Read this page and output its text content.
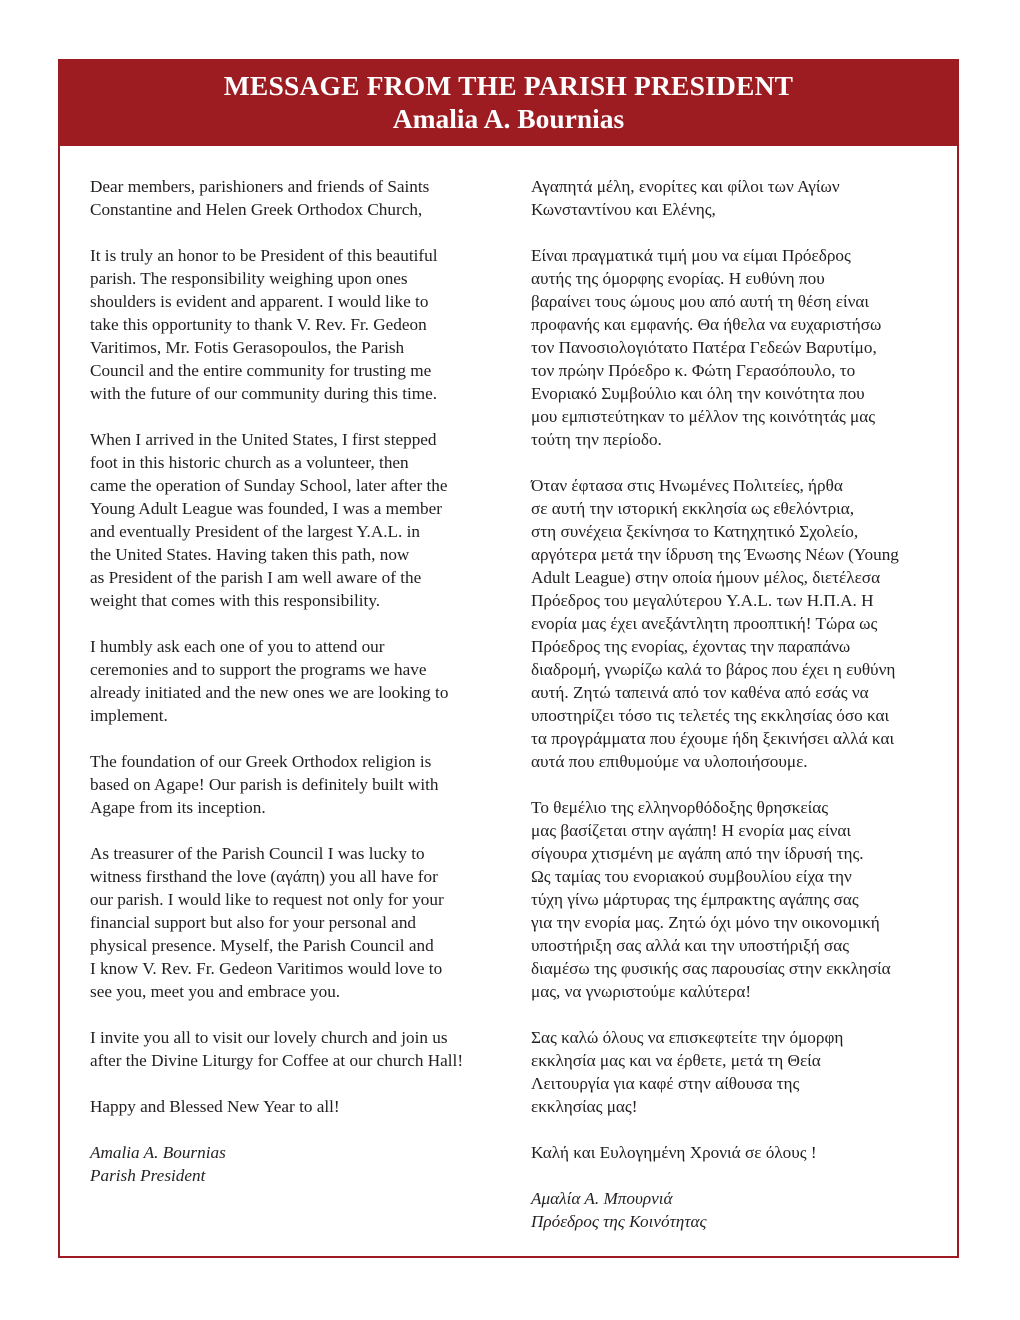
MESSAGE FROM THE PARISH PRESIDENT
Amalia A. Bournias

Dear members, parishioners and friends of Saints
Constantine and Helen Greek Orthodox Church,

It is truly an honor to be President of this beautiful
parish. The responsibility weighing upon ones
shoulders is evident and apparent. I would like to
take this opportunity to thank V. Rev. Fr. Gedeon
Varitimos, Mr. Fotis Gerasopoulos, the Parish
Council and the entire community for trusting me
with the future of our community during this time.

When I arrived in the United States, I first stepped
foot in this historic church as a volunteer, then
came the operation of Sunday School, later after the
Young Adult League was founded, I was a member
and eventually President of the largest Y.A.L. in
the United States. Having taken this path, now
as President of the parish I am well aware of the
weight that comes with this responsibility.

I humbly ask each one of you to attend our
ceremonies and to support the programs we have
already initiated and the new ones we are looking to
implement.

The foundation of our Greek Orthodox religion is
based on Agape! Our parish is definitely built with
Agape from its inception.

As treasurer of the Parish Council I was lucky to
witness firsthand the love (αγάπη) you all have for
our parish. I would like to request not only for your
financial support but also for your personal and
physical presence. Myself, the Parish Council and
I know V. Rev. Fr. Gedeon Varitimos would love to
see you, meet you and embrace you.

I invite you all to visit our lovely church and join us
after the Divine Liturgy for Coffee at our church Hall!

Happy and Blessed New Year to all!

Amalia A. Bournias
Parish President

Αγαπητά μέλη, ενορίτες και φίλοι των Αγίων
Κωνσταντίνου και Ελένης,

Είναι πραγματικά τιμή μου να είμαι Πρόεδρος
αυτής της όμορφης ενορίας. Η ευθύνη που
βαραίνει τους ώμους μου από αυτή τη θέση είναι
προφανής και εμφανής. Θα ήθελα να ευχαριστήσω
τον Πανοσιολογιότατο Πατέρα Γεδεών Βαρυτίμο,
τον πρώην Πρόεδρο κ. Φώτη Γερασόπουλο, το
Ενοριακό Συμβούλιο και όλη την κοινότητα που
μου εμπιστεύτηκαν το μέλλον της κοινότητάς μας
τούτη την περίοδο.

Όταν έφτασα στις Ηνωμένες Πολιτείες, ήρθα
σε αυτή την ιστορική εκκλησία ως εθελόντρια,
στη συνέχεια ξεκίνησα το Κατηχητικό Σχολείο,
αργότερα μετά την ίδρυση της Ένωσης Νέων (Young
Adult League) στην οποία ήμουν μέλος, διετέλεσα
Πρόεδρος του μεγαλύτερου Y.A.L. των Η.Π.Α. Η
ενορία μας έχει ανεξάντλητη προοπτική! Τώρα ως
Πρόεδρος της ενορίας, έχοντας την παραπάνω
διαδρομή, γνωρίζω καλά το βάρος που έχει η ευθύνη
αυτή. Ζητώ ταπεινά από τον καθένα από εσάς να
υποστηρίζει τόσο τις τελετές της εκκλησίας όσο και
τα προγράμματα που έχουμε ήδη ξεκινήσει αλλά και
αυτά που επιθυμούμε να υλοποιήσουμε.

Το θεμέλιο της ελληνορθόδοξης θρησκείας
μας βασίζεται στην αγάπη! Η ενορία μας είναι
σίγουρα χτισμένη με αγάπη από την ίδρυσή της.
Ως ταμίας του ενοριακού συμβουλίου είχα την
τύχη γίνω μάρτυρας της έμπρακτης αγάπης σας
για την ενορία μας. Ζητώ όχι μόνο την οικονομική
υποστήριξη σας αλλά και την υποστήριξή σας
διαμέσω της φυσικής σας παρουσίας στην εκκλησία
μας, να γνωριστούμε καλύτερα!

Σας καλώ όλους να επισκεφτείτε την όμορφη
εκκλησία μας και να έρθετε, μετά τη Θεία
Λειτουργία για καφέ στην αίθουσα της
εκκλησίας μας!

Καλή και Ευλογημένη Χρονιά σε όλους !

Αμαλία Α. Μπουρνιά
Πρόεδρος της Κοινότητας
